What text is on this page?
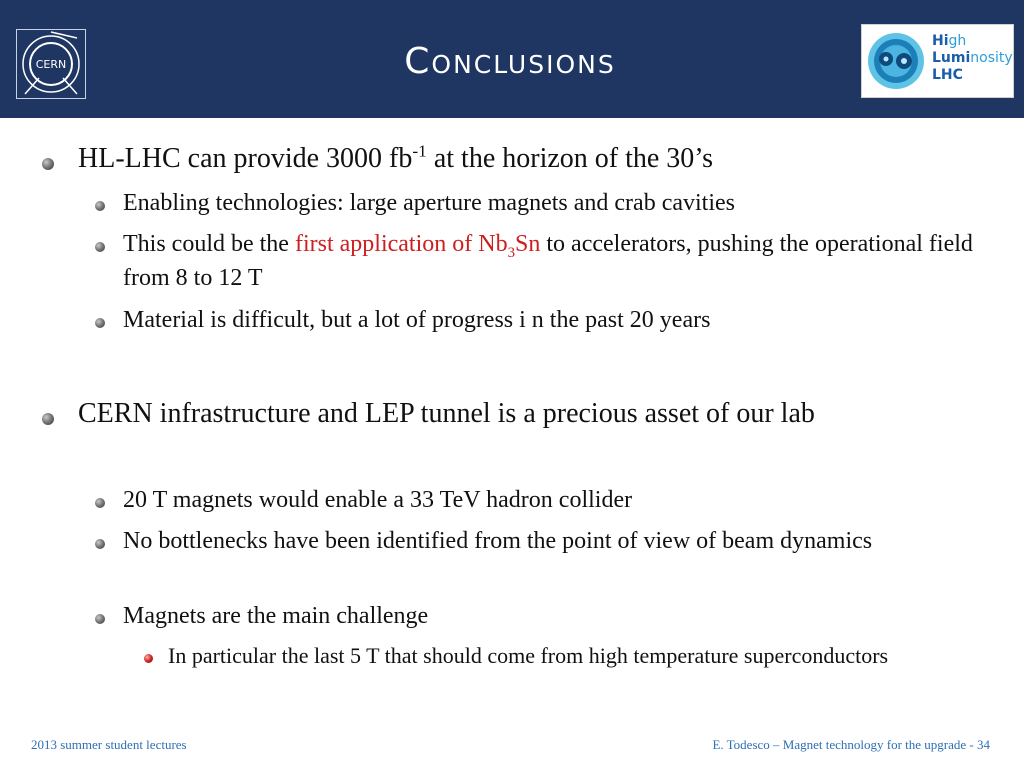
CERN	Conclusions	High
Luminosity
LHC

HL-LHC can provide 3000 $fb^{-1}$ at the horizon of the 30’s

Enabling technologies: large aperture magnets and crab cavities

This could be the first application of $Nb_3Sn$ to accelerators, pushing the operational field from 8 to 12 T

Material is difficult, but a lot of progress i n the past 20 years

CERN infrastructure and LEP tunnel is a precious asset of our lab

20 T magnets would enable a 33 TeV hadron collider

No bottlenecks have been identified from the point of view of beam dynamics

Magnets are the main challenge

In particular the last 5 T that should come from high temperature superconductors

2013 summer student lectures	E. Todesco – Magnet technology for the upgrade - 34
